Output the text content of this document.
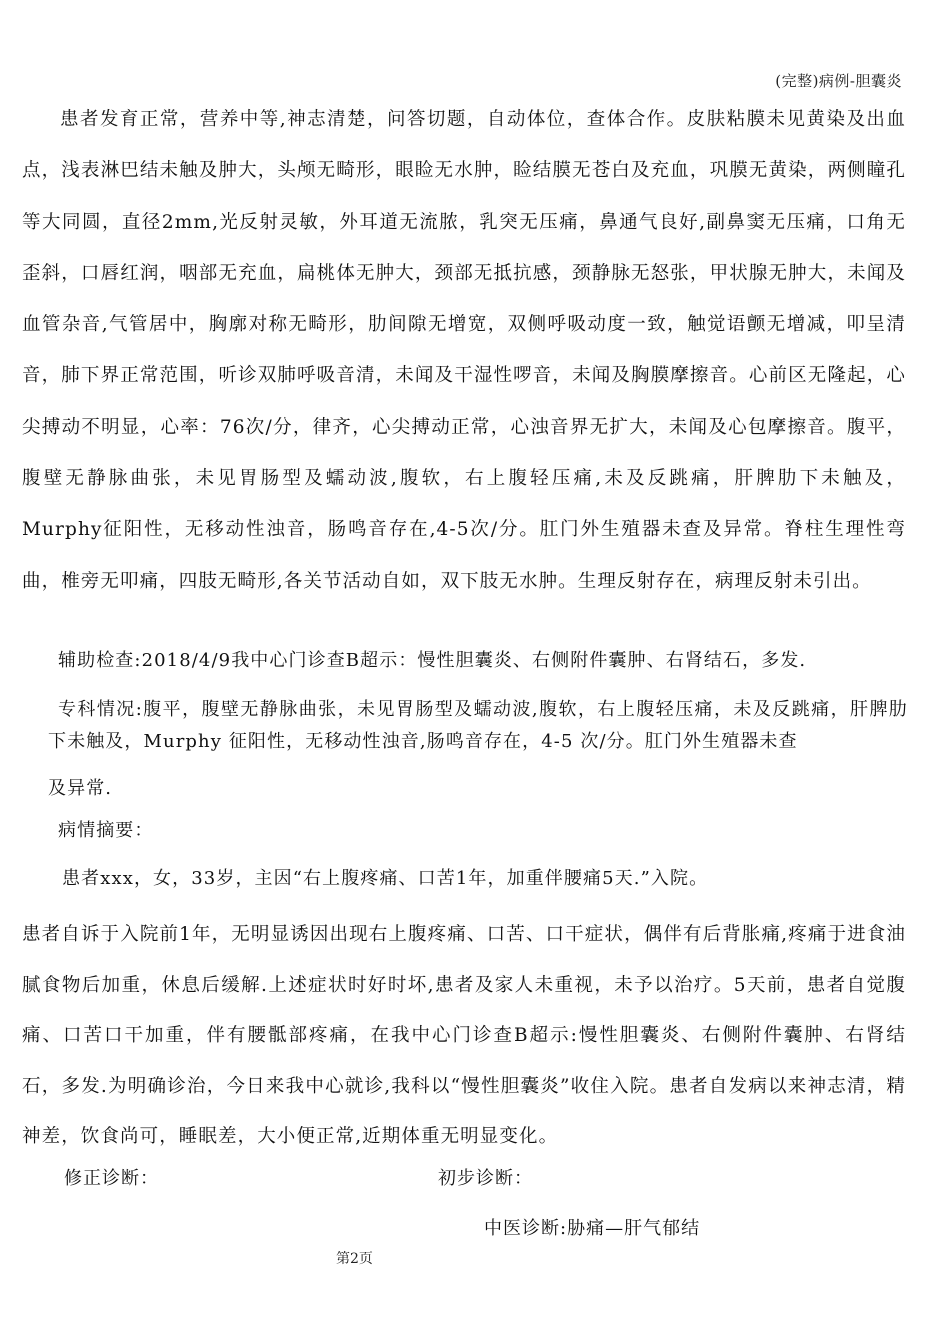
(完整)病例-胆囊炎
患者发育正常，营养中等,神志清楚，问答切题，自动体位，查体合作。皮肤粘膜未见黄染及出血点，浅表淋巴结未触及肿大，头颅无畸形，眼睑无水肿，睑结膜无苍白及充血，巩膜无黄染，两侧瞳孔等大同圆，直径2mm,光反射灵敏，外耳道无流脓，乳突无压痛，鼻通气良好,副鼻窦无压痛，口角无歪斜，口唇红润，咽部无充血，扁桃体无肿大，颈部无抵抗感，颈静脉无怒张，甲状腺无肿大，未闻及血管杂音,气管居中，胸廓对称无畸形，肋间隙无增宽，双侧呼吸动度一致，触觉语颤无增减，叩呈清音，肺下界正常范围，听诊双肺呼吸音清，未闻及干湿性啰音，未闻及胸膜摩擦音。心前区无隆起，心尖搏动不明显，心率：76次/分，律齐，心尖搏动正常，心浊音界无扩大，未闻及心包摩擦音。腹平，腹壁无静脉曲张，未见胃肠型及蠕动波,腹软，右上腹轻压痛,未及反跳痛，肝脾肋下未触及， Murphy征阳性，无移动性浊音，肠鸣音存在,4-5次/分。肛门外生殖器未查及异常。脊柱生理性弯曲，椎旁无叩痛，四肢无畸形,各关节活动自如，双下肢无水肿。生理反射存在，病理反射未引出。
辅助检查:2018/4/9我中心门诊查B超示：慢性胆囊炎、右侧附件囊肿、右肾结石，多发.
专科情况:腹平，腹壁无静脉曲张，未见胃肠型及蠕动波,腹软，右上腹轻压痛，未及反跳痛，肝脾肋下未触及，Murphy 征阳性，无移动性浊音,肠鸣音存在，4-5 次/分。肛门外生殖器未查
及异常.
病情摘要：
患者xxx，女，33岁，主因“右上腹疼痛、口苦1年，加重伴腰痛5天.”入院。
患者自诉于入院前1年，无明显诱因出现右上腹疼痛、口苦、口干症状，偶伴有后背胀痛,疼痛于进食油腻食物后加重，休息后缓解.上述症状时好时坏,患者及家人未重视，未予以治疗。5天前，患者自觉腹痛、口苦口干加重，伴有腰骶部疼痛，在我中心门诊查B超示:慢性胆囊炎、右侧附件囊肿、右肾结石，多发.为明确诊治，今日来我中心就诊,我科以“慢性胆囊炎”收住入院。患者自发病以来神志清，精神差，饮食尚可，睡眠差，大小便正常,近期体重无明显变化。
修正诊断：	初步诊断：
中医诊断:胁痛—肝气郁结
第2页
